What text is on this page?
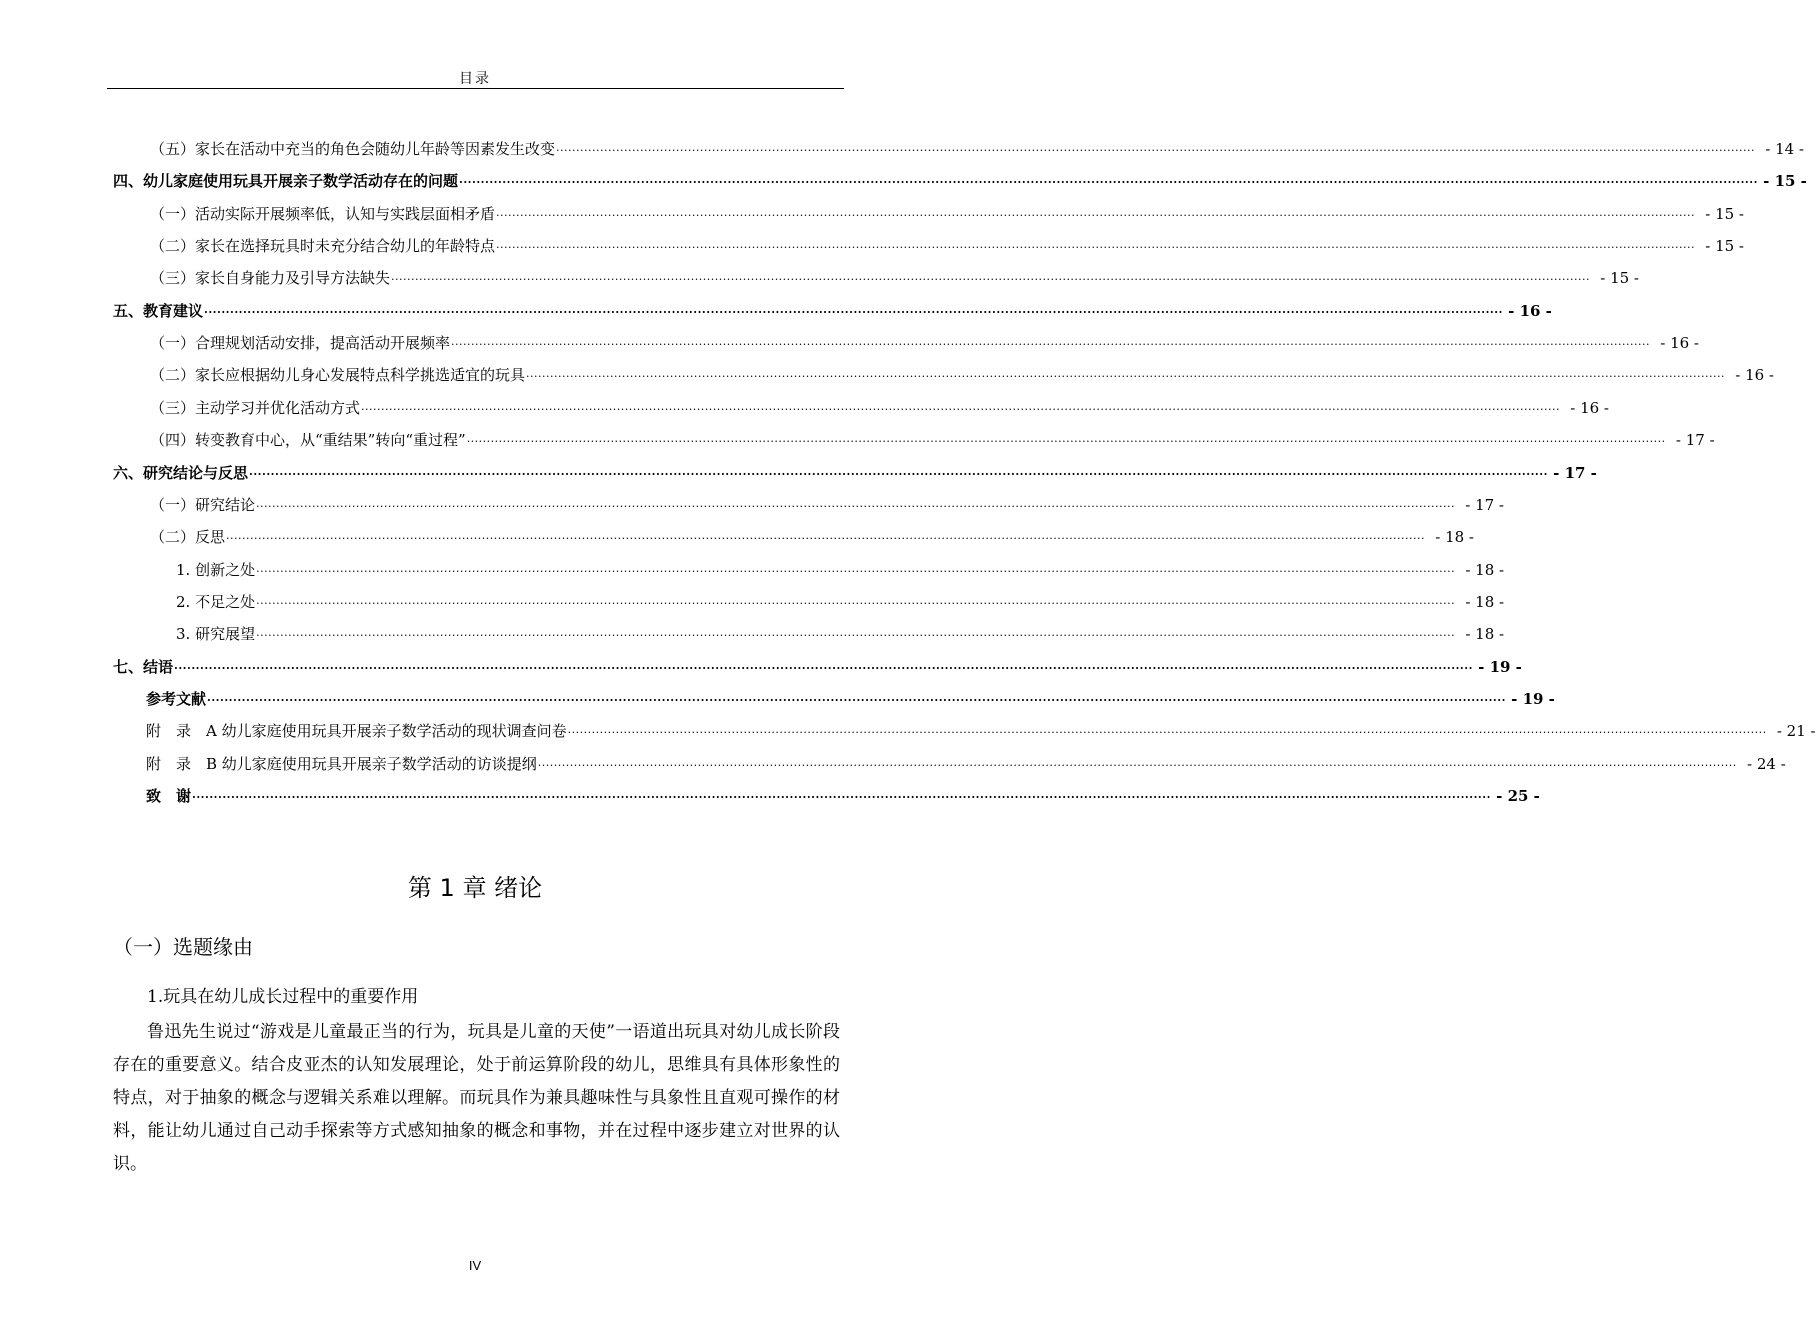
目录
（五）家长在活动中充当的角色会随幼儿年龄等因素发生改变 ............................................................................................................................................................................................................................................................................................................ - 14 -
四、幼儿家庭使用玩具开展亲子数学活动存在的问题 ............................................................................................................................................................................................................................................................................................................ - 15 -
（一）活动实际开展频率低，认知与实践层面相矛盾 ............................................................................................................................................................................................................................................................................................................ - 15 -
（二）家长在选择玩具时未充分结合幼儿的年龄特点 ............................................................................................................................................................................................................................................................................................................ - 15 -
（三）家长自身能力及引导方法缺失 ............................................................................................................................................................................................................................................................................................................ - 15 -
五、教育建议 ............................................................................................................................................................................................................................................................................................................ - 16 -
（一）合理规划活动安排，提高活动开展频率 ............................................................................................................................................................................................................................................................................................................ - 16 -
（二）家长应根据幼儿身心发展特点科学挑选适宜的玩具 ............................................................................................................................................................................................................................................................................................................ - 16 -
（三）主动学习并优化活动方式 ............................................................................................................................................................................................................................................................................................................ - 16 -
（四）转变教育中心，从“重结果”转向“重过程” ............................................................................................................................................................................................................................................................................................................ - 17 -
六、研究结论与反思 ............................................................................................................................................................................................................................................................................................................ - 17 -
（一）研究结论 ............................................................................................................................................................................................................................................................................................................ - 17 -
（二）反思 ............................................................................................................................................................................................................................................................................................................ - 18 -
1. 创新之处 ............................................................................................................................................................................................................................................................................................................ - 18 -
2. 不足之处 ............................................................................................................................................................................................................................................................................................................ - 18 -
3. 研究展望 ............................................................................................................................................................................................................................................................................................................ - 18 -
七、结语 ............................................................................................................................................................................................................................................................................................................ - 19 -
参考文献 ............................................................................................................................................................................................................................................................................................................ - 19 -
附　录　A 幼儿家庭使用玩具开展亲子数学活动的现状调查问卷 ............................................................................................................................................................................................................................................................................................................ - 21 -
附　录　B 幼儿家庭使用玩具开展亲子数学活动的访谈提纲 ............................................................................................................................................................................................................................................................................................................ - 24 -
致　谢 ............................................................................................................................................................................................................................................................................................................ - 25 -
第 1 章 绪论
（一）选题缘由
1.玩具在幼儿成长过程中的重要作用
鲁迅先生说过“游戏是儿童最正当的行为，玩具是儿童的天使”一语道出玩具对幼儿成长阶段存在的重要意义。结合皮亚杰的认知发展理论，处于前运算阶段的幼儿，思维具有具体形象性的特点，对于抽象的概念与逻辑关系难以理解。而玩具作为兼具趣味性与具象性且直观可操作的材料，能让幼儿通过自己动手探索等方式感知抽象的概念和事物，并在过程中逐步建立对世界的认识。
IV
